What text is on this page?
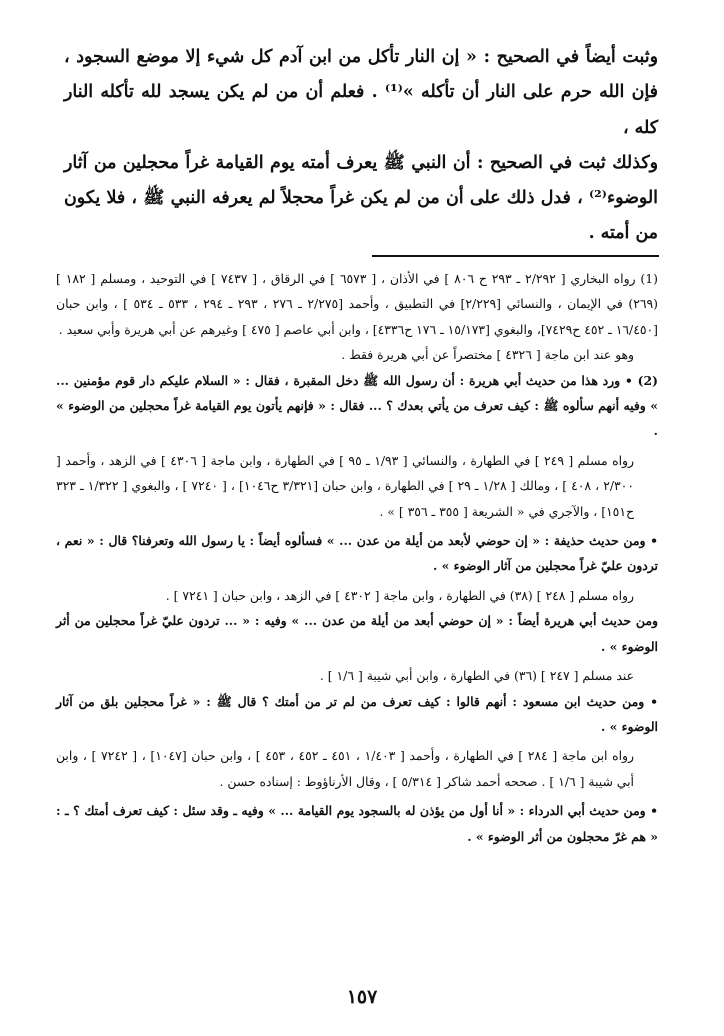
وثبت أيضاً في الصحيح : « إن النار تأكل من ابن آدم كل شيء إلا موضع السجود ، فإن الله حرم على النار أن تأكله »⁽¹⁾ . فعلم أن من لم يكن يسجد لله تأكله النار كله ،

وكذلك ثبت في الصحيح : أن النبي ﷺ يعرف أمته يوم القيامة غراً محجلين من آثار الوضوء⁽²⁾ ، فدل ذلك على أن من لم يكن غراً محجلاً لم يعرفه النبي ﷺ ، فلا يكون من أمته .

(1) رواه البخاري [ ٢/٢٩٢ ـ ٢٩٣ ح ٨٠٦ ] في الأذان ، [ ٦٥٧٣ ] في الرقاق ، [ ٧٤٣٧ ] في التوحيد ، ومسلم [ ١٨٢ ] (٢٦٩) في الإيمان ، والنسائي [٢/٢٢٩] في التطبيق ، وأحمد [٢/٢٧٥ ـ ٢٧٦ ، ٢٩٣ ـ ٢٩٤ ، ٥٣٣ ـ ٥٣٤ ] ، وابن حبان [١٦/٤٥٠ ـ ٤٥٢ ح٧٤٢٩]، والبغوي [١٥/١٧٣ ـ ١٧٦ ح٤٣٣٦] ، وابن أبي عاصم [ ٤٧٥ ] وغيرهم عن أبي هريرة وأبي سعيد .

وهو عند ابن ماجة [ ٤٣٢٦ ] مختصراً عن أبي هريرة فقط .

(2) • ورد هذا من حديث أبي هريرة : أن رسول الله ﷺ دخل المقبرة ، فقال : « السلام عليكم دار قوم مؤمنين ... » وفيه أنهم سألوه ﷺ : كيف تعرف من يأتي بعدك ؟ ... فقال : « فإنهم يأتون يوم القيامة غراً محجلين من الوضوء » .

رواه مسلم [ ٢٤٩ ] في الطهارة ، والنسائي [ ١/٩٣ ـ ٩٥ ] في الطهارة ، وابن ماجة [ ٤٣٠٦ ] في الزهد ، وأحمد [ ٢/٣٠٠ ، ٤٠٨ ] ، ومالك [ ١/٢٨ ـ ٢٩ ] في الطهارة ، وابن حبان [٣/٣٢١ ح١٠٤٦] ، [ ٧٢٤٠ ] ، والبغوي [ ١/٣٢٢ ـ ٣٢٣ ح١٥١] ، والآجري في « الشريعة [ ٣٥٥ ـ ٣٥٦ ] » .

• ومن حديث حذيفة : « إن حوضي لأبعد من أيلة من عدن ... » فسألوه أيضاً : يا رسول الله وتعرفنا؟ قال : « نعم ، تردون عليّ غراً محجلين من آثار الوضوء » .

رواه مسلم [ ٢٤٨ ] (٣٨) في الطهارة ، وابن ماجة [ ٤٣٠٢ ] في الزهد ، وابن حبان [ ٧٢٤١ ] .

ومن حديث أبي هريرة أيضاً : « إن حوضي أبعد من أيلة من عدن ... » وفيه : « ... تردون عليّ غراً محجلين من أثر الوضوء » .

عند مسلم [ ٢٤٧ ] (٣٦) في الطهارة ، وابن أبي شيبة [ ١/٦ ] .

• ومن حديث ابن مسعود : أنهم قالوا : كيف تعرف من لم تر من أمتك ؟ قال ﷺ : « غراً محجلين بلق من آثار الوضوء » .

رواه ابن ماجة [ ٢٨٤ ] في الطهارة ، وأحمد [ ١/٤٠٣ ، ٤٥١ ـ ٤٥٢ ، ٤٥٣ ] ، وابن حبان [١٠٤٧] ، [ ٧٢٤٢ ] ، وابن أبي شيبة [ ١/٦ ] . صححه أحمد شاكر [ ٥/٣١٤ ] ، وقال الأرناؤوط : إسناده حسن .

• ومن حديث أبي الدرداء : « أنا أول من يؤذن له بالسجود يوم القيامة ... » وفيه ـ وقد سئل : كيف تعرف أمتك ؟ ـ : « هم غرّ محجلون من أثر الوضوء » .

١٥٧
